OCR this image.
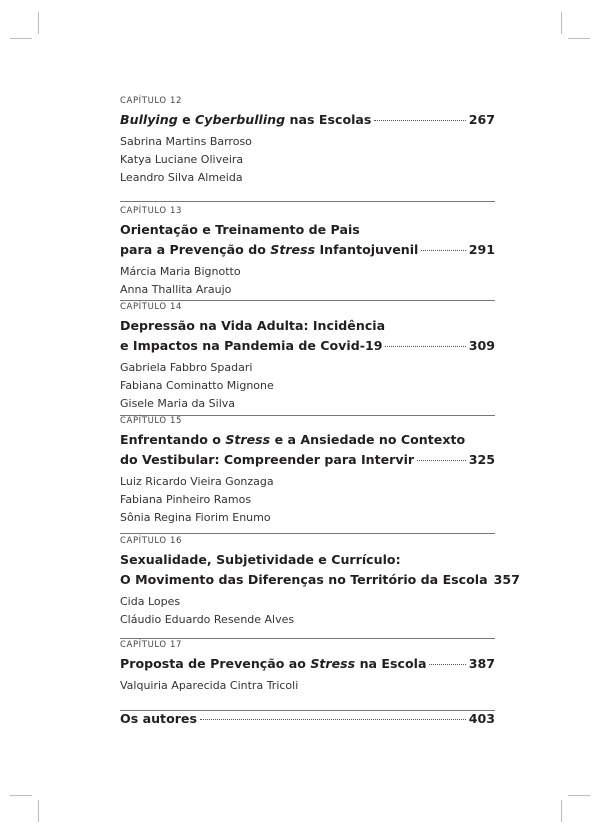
CAPÍTULO 12
Bullying e Cyberbulling nas Escolas	267
Sabrina Martins Barroso
Katya Luciane Oliveira
Leandro Silva Almeida
CAPÍTULO 13
Orientação e Treinamento de Pais
para a Prevenção do Stress Infantojuvenil	291
Márcia Maria Bignotto
Anna Thallita Araujo
CAPÍTULO 14
Depressão na Vida Adulta: Incidência
e Impactos na Pandemia de Covid-19	309
Gabriela Fabbro Spadari
Fabiana Cominatto Mignone
Gisele Maria da Silva
CAPÍTULO 15
Enfrentando o Stress e a Ansiedade no Contexto
do Vestibular: Compreender para Intervir	325
Luiz Ricardo Vieira Gonzaga
Fabiana Pinheiro Ramos
Sônia Regina Fiorim Enumo
CAPÍTULO 16
Sexualidade, Subjetividade e Currículo:
O Movimento das Diferenças no Território da Escola 357
Cida Lopes
Cláudio Eduardo Resende Alves
CAPÍTULO 17
Proposta de Prevenção ao Stress na Escola	387
Valquiria Aparecida Cintra Tricoli
Os autores	403
